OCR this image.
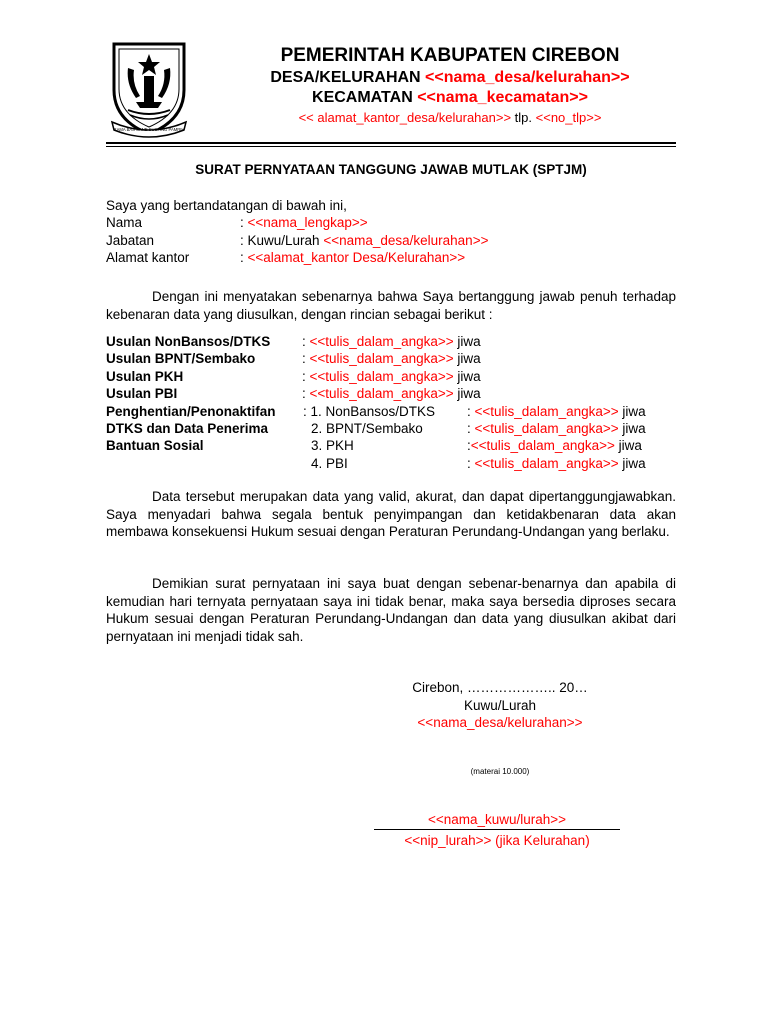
RAMA BAS SANE SUCI ING PAMRIH
PEMERINTAH KABUPATEN CIREBON
DESA/KELURAHAN <<nama_desa/kelurahan>>
KECAMATAN <<nama_kecamatan>>
<< alamat_kantor_desa/kelurahan>> tlp. <<no_tlp>>
SURAT PERNYATAAN TANGGUNG JAWAB MUTLAK (SPTJM)
Saya yang bertandatangan di bawah ini,
Nama	: <<nama_lengkap>>
Jabatan	: Kuwu/Lurah <<nama_desa/kelurahan>>
Alamat kantor	: <<alamat_kantor Desa/Kelurahan>>
Dengan ini menyatakan sebenarnya bahwa Saya bertanggung jawab penuh terhadap kebenaran data yang diusulkan, dengan rincian sebagai berikut :
Usulan NonBansos/DTKS : <<tulis_dalam_angka>> jiwa
Usulan BPNT/Sembako	: <<tulis_dalam_angka>> jiwa
Usulan PKH	: <<tulis_dalam_angka>> jiwa
Usulan PBI	: <<tulis_dalam_angka>> jiwa
Penghentian/Penonaktifan
DTKS dan Data Penerima
Bantuan Sosial
: 1. NonBansos/DTKS : <<tulis_dalam_angka>> jiwa
2. BPNT/Sembako	: <<tulis_dalam_angka>> jiwa
3. PKH	:<<tulis_dalam_angka>> jiwa
4. PBI	: <<tulis_dalam_angka>> jiwa
Data tersebut merupakan data yang valid, akurat, dan dapat dipertanggungjawabkan. Saya menyadari bahwa segala bentuk penyimpangan dan ketidakbenaran data akan membawa konsekuensi Hukum sesuai dengan Peraturan Perundang-Undangan yang berlaku.
Demikian surat pernyataan ini saya buat dengan sebenar-benarnya dan apabila di kemudian hari ternyata pernyataan saya ini tidak benar, maka saya bersedia diproses secara Hukum sesuai dengan Peraturan Perundang-Undangan dan data yang diusulkan akibat dari pernyataan ini menjadi tidak sah.
Cirebon, ……………….. 20…
Kuwu/Lurah
<<nama_desa/kelurahan>>
(materai 10.000)
<<nama_kuwu/lurah>>
<<nip_lurah>> (jika Kelurahan)
